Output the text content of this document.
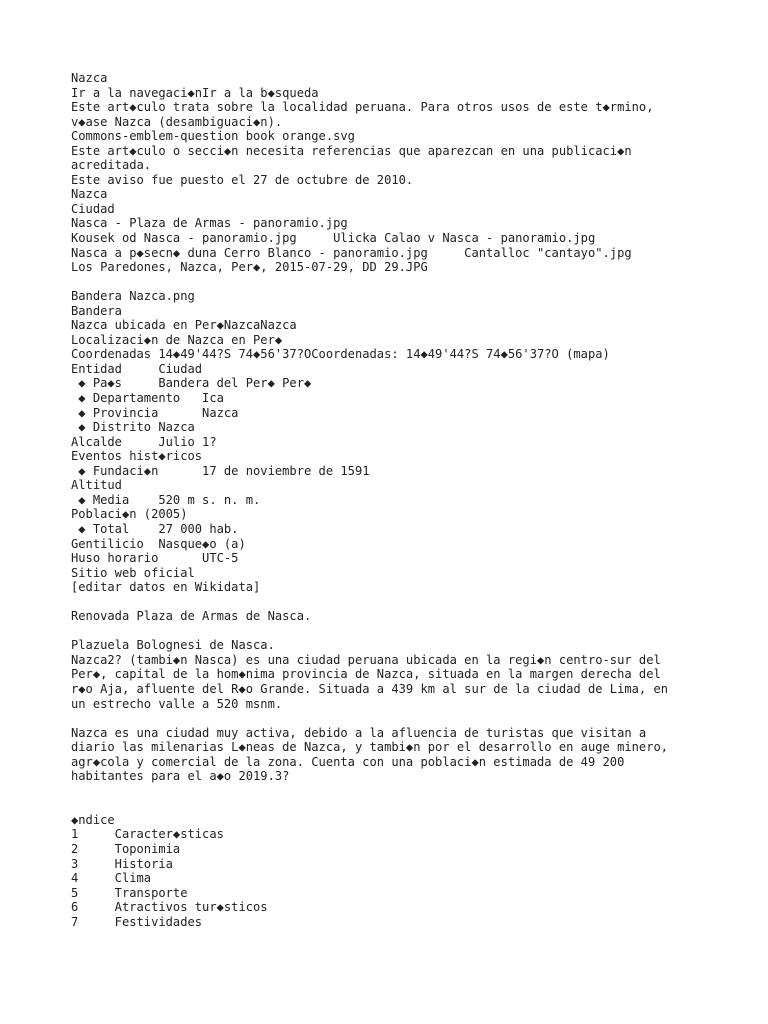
Nazca
Ir a la navegaci◆nIr a la b◆squeda
Este art◆culo trata sobre la localidad peruana. Para otros usos de este t◆rmino,
v◆ase Nazca (desambiguaci◆n).
Commons-emblem-question book orange.svg
Este art◆culo o secci◆n necesita referencias que aparezcan en una publicaci◆n
acreditada.
Este aviso fue puesto el 27 de octubre de 2010.
Nazca
Ciudad
Nasca - Plaza de Armas - panoramio.jpg
Kousek od Nasca - panoramio.jpg     Ulicka Calao v Nasca - panoramio.jpg
Nasca a p◆secn◆ duna Cerro Blanco - panoramio.jpg     Cantalloc "cantayo".jpg
Los Paredones, Nazca, Per◆, 2015-07-29, DD 29.JPG
Bandera Nazca.png
Bandera
Nazca ubicada en Per◆NazcaNazca
Localizaci◆n de Nazca en Per◆
Coordenadas 14◆49'44?S 74◆56'37?OCoordenadas: 14◆49'44?S 74◆56'37?O (mapa)
Entidad     Ciudad
◆ Pa◆s     Bandera del Per◆ Per◆
◆ Departamento   Ica
◆ Provincia      Nazca
◆ Distrito Nazca
Alcalde     Julio 1?
Eventos hist◆ricos
◆ Fundaci◆n      17 de noviembre de 1591
Altitud
◆ Media    520 m s. n. m.
Poblaci◆n (2005)
◆ Total    27 000 hab.
Gentilicio  Nasque◆o (a)
Huso horario      UTC-5
Sitio web oficial
[editar datos en Wikidata]
Renovada Plaza de Armas de Nasca.
Plazuela Bolognesi de Nasca.
Nazca2? (tambi◆n Nasca) es una ciudad peruana ubicada en la regi◆n centro-sur del
Per◆, capital de la hom◆nima provincia de Nazca, situada en la margen derecha del
r◆o Aja, afluente del R◆o Grande. Situada a 439 km al sur de la ciudad de Lima, en
un estrecho valle a 520 msnm.
Nazca es una ciudad muy activa, debido a la afluencia de turistas que visitan a
diario las milenarias L◆neas de Nazca, y tambi◆n por el desarrollo en auge minero,
agr◆cola y comercial de la zona. Cuenta con una poblaci◆n estimada de 49 200
habitantes para el a◆o 2019.3?
◆ndice
1     Caracter◆sticas
2     Toponimia
3     Historia
4     Clima
5     Transporte
6     Atractivos tur◆sticos
7     Festividades
